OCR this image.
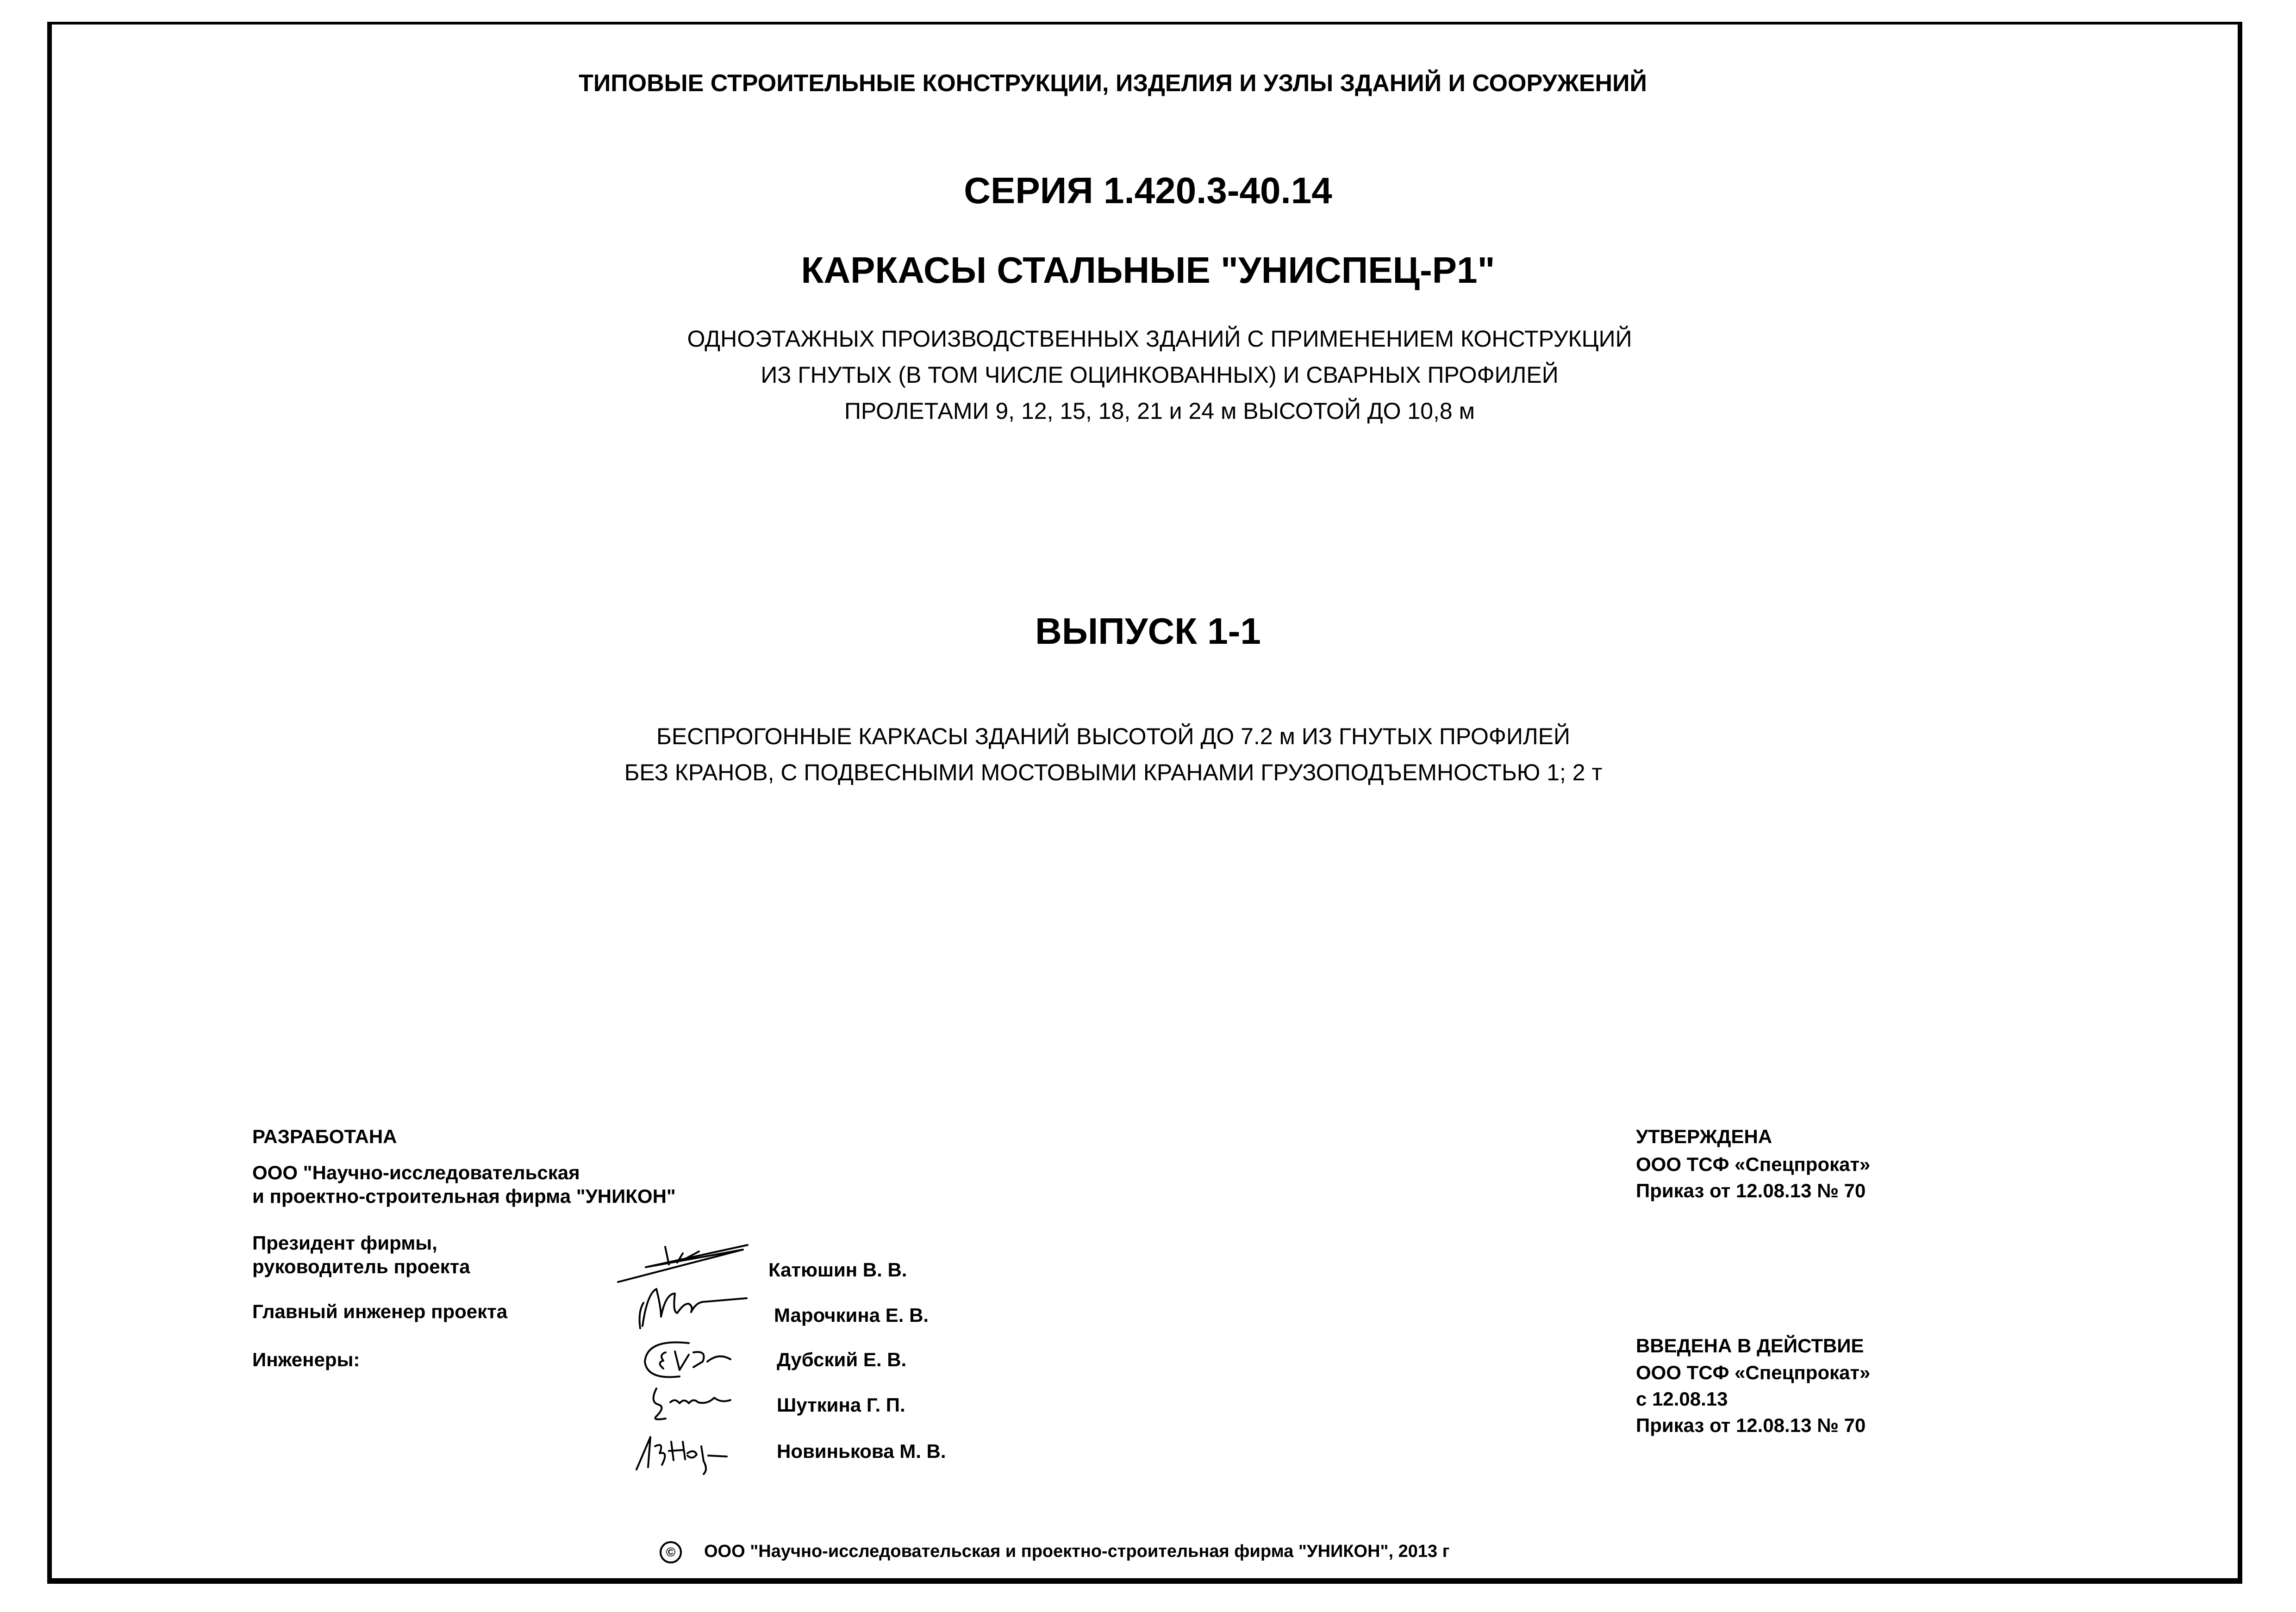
ТИПОВЫЕ СТРОИТЕЛЬНЫЕ КОНСТРУКЦИИ, ИЗДЕЛИЯ И УЗЛЫ ЗДАНИЙ И СООРУЖЕНИЙ
СЕРИЯ 1.420.3-40.14
КАРКАСЫ СТАЛЬНЫЕ "УНИСПЕЦ-Р1"
ОДНОЭТАЖНЫХ ПРОИЗВОДСТВЕННЫХ ЗДАНИЙ С ПРИМЕНЕНИЕМ КОНСТРУКЦИЙ
ИЗ ГНУТЫХ (В ТОМ ЧИСЛЕ ОЦИНКОВАННЫХ) И СВАРНЫХ ПРОФИЛЕЙ
ПРОЛЕТАМИ 9, 12, 15, 18, 21 и 24 м ВЫСОТОЙ ДО 10,8 м
ВЫПУСК 1-1
БЕСПРОГОННЫЕ КАРКАСЫ ЗДАНИЙ ВЫСОТОЙ ДО 7.2 м ИЗ ГНУТЫХ ПРОФИЛЕЙ
БЕЗ КРАНОВ, С ПОДВЕСНЫМИ МОСТОВЫМИ КРАНАМИ ГРУЗОПОДЪЕМНОСТЬЮ 1; 2 т
РАЗРАБОТАНА
ООО "Научно-исследовательская
и проектно-строительная фирма "УНИКОН"
Президент фирмы,
руководитель проекта
Главный инженер проекта
Инженеры:
Катюшин В. В.
Марочкина Е. В.
Дубский Е. В.
Шуткина Г. П.
Новинькова М. В.
УТВЕРЖДЕНА
ООО ТСФ «Спецпрокат»
Приказ от 12.08.13 № 70
ВВЕДЕНА В ДЕЙСТВИЕ
ООО ТСФ «Спецпрокат»
с 12.08.13
Приказ от 12.08.13 № 70
© ООО "Научно-исследовательская и проектно-строительная фирма "УНИКОН", 2013 г
